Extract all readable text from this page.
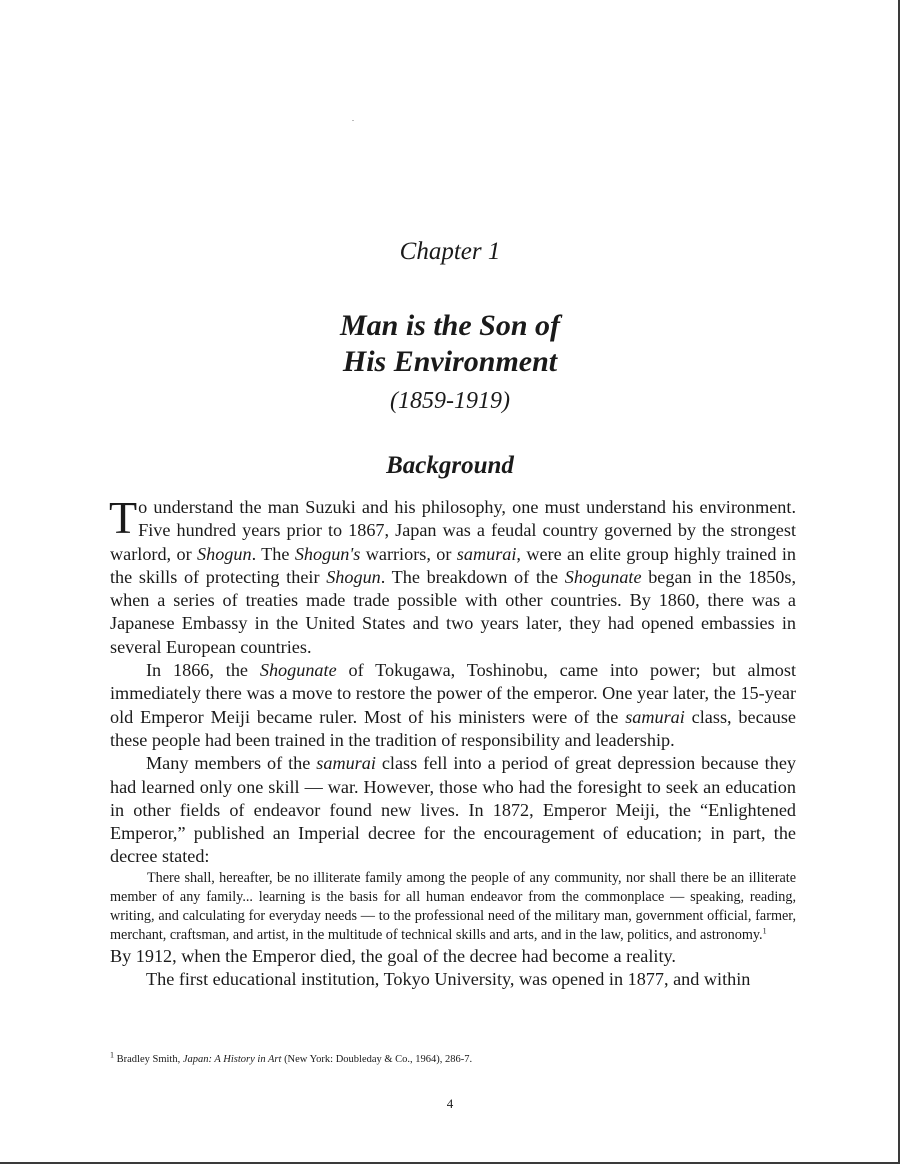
Chapter 1
Man is the Son of
His Environment
(1859-1919)
Background

To understand the man Suzuki and his philosophy, one must understand his environment. Five hundred years prior to 1867, Japan was a feudal country governed by the strongest warlord, or Shogun. The Shogun's warriors, or samurai, were an elite group highly trained in the skills of protecting their Shogun. The breakdown of the Shogunate began in the 1850s, when a series of treaties made trade possible with other countries. By 1860, there was a Japanese Embassy in the United States and two years later, they had opened embassies in several European countries.

In 1866, the Shogunate of Tokugawa, Toshinobu, came into power; but almost immediately there was a move to restore the power of the emperor. One year later, the 15-year old Emperor Meiji became ruler. Most of his ministers were of the samurai class, because these people had been trained in the tradition of responsibility and leadership.

Many members of the samurai class fell into a period of great depression because they had learned only one skill — war. However, those who had the foresight to seek an education in other fields of endeavor found new lives. In 1872, Emperor Meiji, the “Enlightened Emperor,” published an Imperial decree for the encouragement of education; in part, the decree stated:

There shall, hereafter, be no illiterate family among the people of any community, nor shall there be an illiterate member of any family... learning is the basis for all human endeavor from the commonplace — speaking, reading, writing, and calculating for everyday needs — to the professional need of the military man, government official, farmer, merchant, craftsman, and artist, in the multitude of technical skills and arts, and in the law, politics, and astronomy.$^1$

By 1912, when the Emperor died, the goal of the decree had become a reality.

The first educational institution, Tokyo University, was opened in 1877, and within

$^1$ Bradley Smith, Japan: A History in Art (New York: Doubleday & Co., 1964), 286-7.
4
